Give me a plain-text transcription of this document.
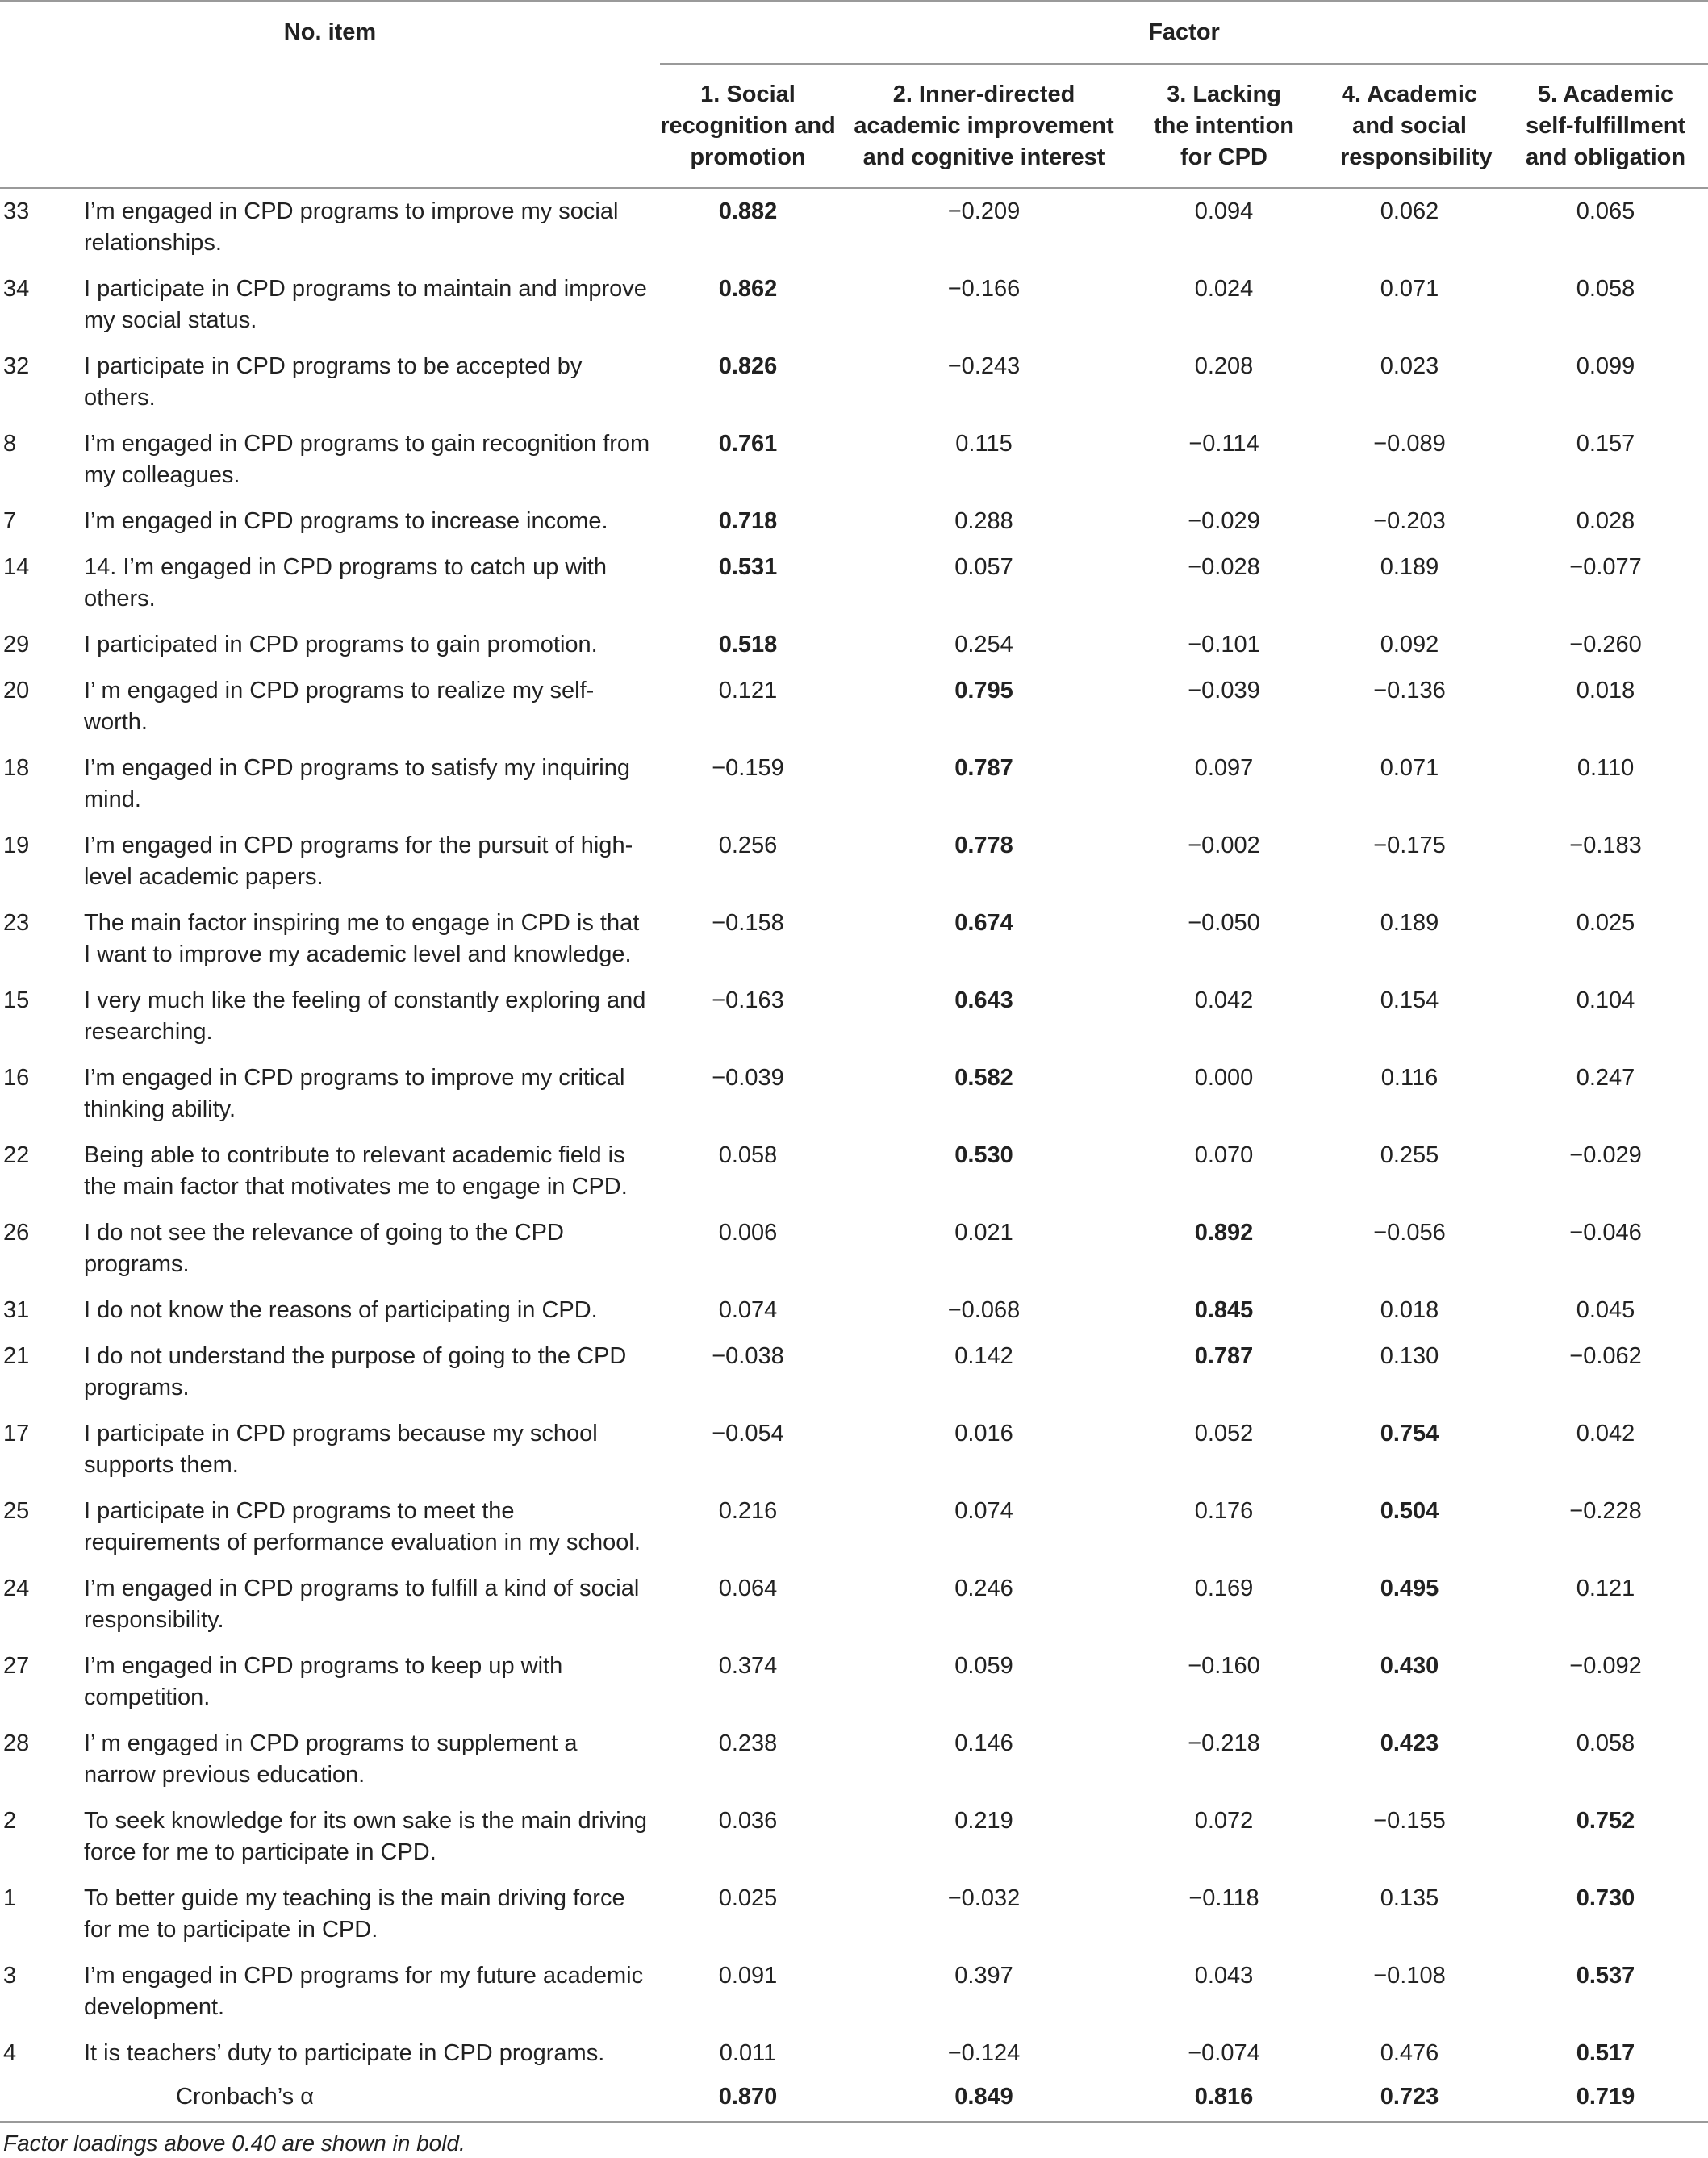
No. item		Factor				
		1. Social recognition and promotion	2. Inner-directed academic improvement and cognitive interest	3. Lacking the intention for CPD	4. Academic and social responsibility	5. Academic self-fulfillment and obligation
33	I’m engaged in CPD programs to improve my social relationships.	0.882	−0.209	0.094	0.062	0.065
34	I participate in CPD programs to maintain and improve my social status.	0.862	−0.166	0.024	0.071	0.058
32	I participate in CPD programs to be accepted by others.	0.826	−0.243	0.208	0.023	0.099
8	I’m engaged in CPD programs to gain recognition from my colleagues.	0.761	0.115	−0.114	−0.089	0.157
7	I’m engaged in CPD programs to increase income.	0.718	0.288	−0.029	−0.203	0.028
14	14. I’m engaged in CPD programs to catch up with others.	0.531	0.057	−0.028	0.189	−0.077
29	I participated in CPD programs to gain promotion.	0.518	0.254	−0.101	0.092	−0.260
20	I’ m engaged in CPD programs to realize my self-worth.	0.121	0.795	−0.039	−0.136	0.018
18	I’m engaged in CPD programs to satisfy my inquiring mind.	−0.159	0.787	0.097	0.071	0.110
19	I’m engaged in CPD programs for the pursuit of high-level academic papers.	0.256	0.778	−0.002	−0.175	−0.183
23	The main factor inspiring me to engage in CPD is that I want to improve my academic level and knowledge.	−0.158	0.674	−0.050	0.189	0.025
15	I very much like the feeling of constantly exploring and researching.	−0.163	0.643	0.042	0.154	0.104
16	I’m engaged in CPD programs to improve my critical thinking ability.	−0.039	0.582	0.000	0.116	0.247
22	Being able to contribute to relevant academic field is the main factor that motivates me to engage in CPD.	0.058	0.530	0.070	0.255	−0.029
26	I do not see the relevance of going to the CPD programs.	0.006	0.021	0.892	−0.056	−0.046
31	I do not know the reasons of participating in CPD.	0.074	−0.068	0.845	0.018	0.045
21	I do not understand the purpose of going to the CPD programs.	−0.038	0.142	0.787	0.130	−0.062
17	I participate in CPD programs because my school supports them.	−0.054	0.016	0.052	0.754	0.042
25	I participate in CPD programs to meet the requirements of performance evaluation in my school.	0.216	0.074	0.176	0.504	−0.228
24	I’m engaged in CPD programs to fulfill a kind of social responsibility.	0.064	0.246	0.169	0.495	0.121
27	I’m engaged in CPD programs to keep up with competition.	0.374	0.059	−0.160	0.430	−0.092
28	I’ m engaged in CPD programs to supplement a narrow previous education.	0.238	0.146	−0.218	0.423	0.058
2	To seek knowledge for its own sake is the main driving force for me to participate in CPD.	0.036	0.219	0.072	−0.155	0.752
1	To better guide my teaching is the main driving force for me to participate in CPD.	0.025	−0.032	−0.118	0.135	0.730
3	I’m engaged in CPD programs for my future academic development.	0.091	0.397	0.043	−0.108	0.537
4	It is teachers’ duty to participate in CPD programs.	0.011	−0.124	−0.074	0.476	0.517
Cronbach’s α		0.870	0.849	0.816	0.723	0.719
Factor loadings above 0.40 are shown in bold.
